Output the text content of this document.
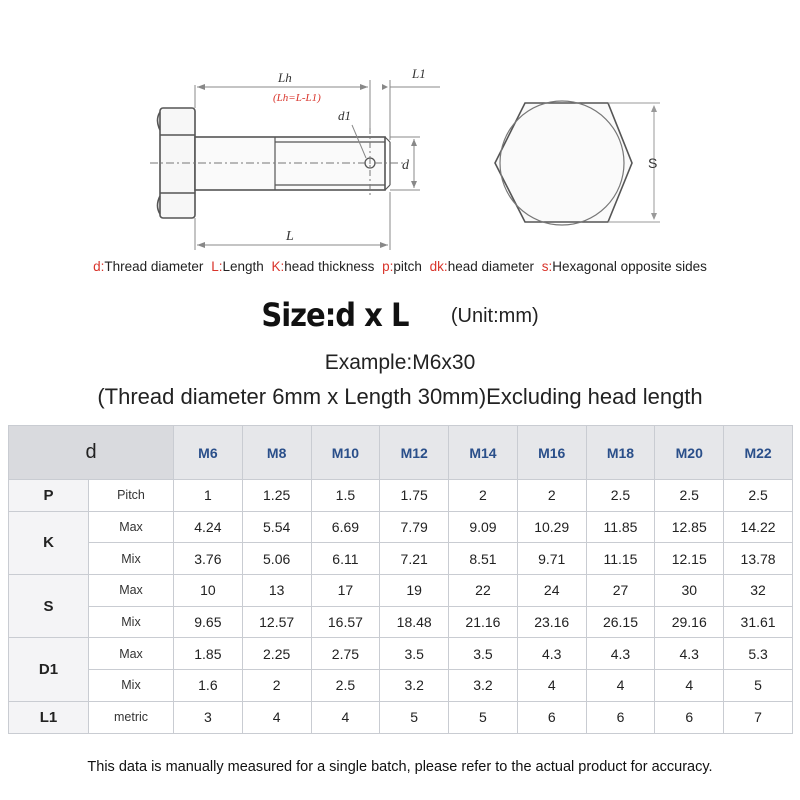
Lh
(Lh=L-L1)
L1
d1
d
L
S
d:Thread diameter L:Length K:head thickness p:pitch dk:head diameter s:Hexagonal opposite sides
Size:d x L (Unit:mm)
Example:M6x30
(Thread diameter 6mm x Length 30mm)Excluding head length
d		M6	M8	M10	M12	M14	M16	M18	M20	M22
P	Pitch	1	1.25	1.5	1.75	2	2	2.5	2.5	2.5
K	Max	4.24	5.54	6.69	7.79	9.09	10.29	11.85	12.85	14.22
	Mix	3.76	5.06	6.11	7.21	8.51	9.71	11.15	12.15	13.78
S	Max	10	13	17	19	22	24	27	30	32
	Mix	9.65	12.57	16.57	18.48	21.16	23.16	26.15	29.16	31.61
D1	Max	1.85	2.25	2.75	3.5	3.5	4.3	4.3	4.3	5.3
	Mix	1.6	2	2.5	3.2	3.2	4	4	4	5
L1	metric	3	4	4	5	5	6	6	6	7
This data is manually measured for a single batch, please refer to the actual product for accuracy.
